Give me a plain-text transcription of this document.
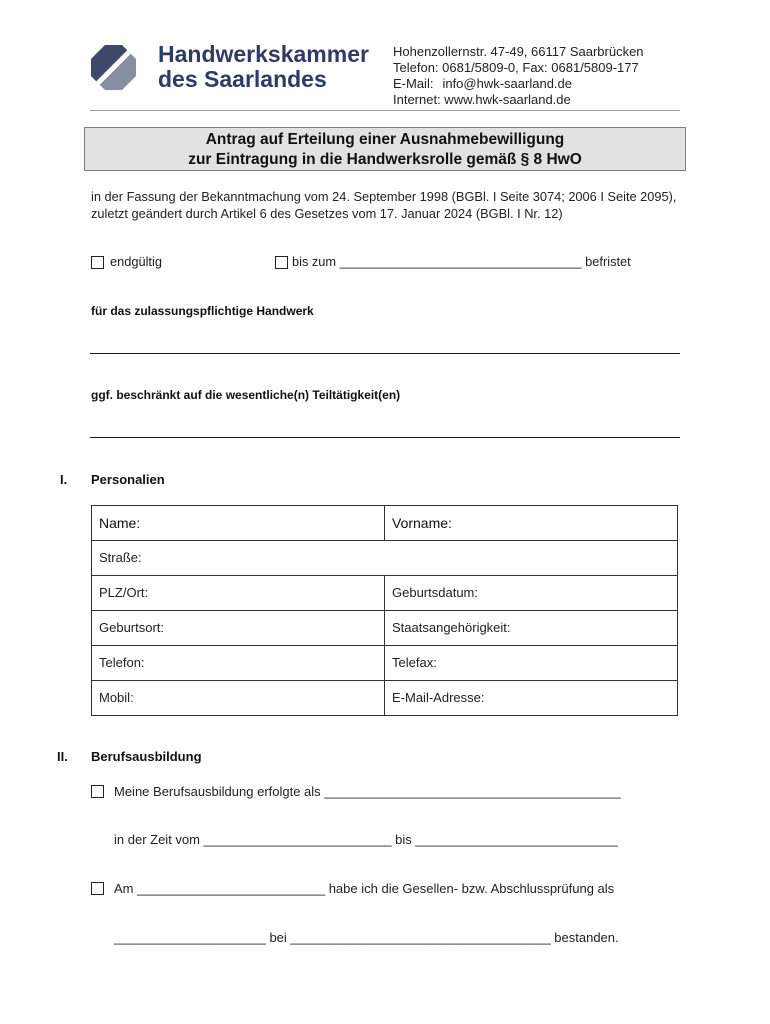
Handwerkskammer
des Saarlandes
Hohenzollernstr. 47-49, 66117 Saarbrücken
Telefon: 0681/5809-0, Fax: 0681/5809-177
E-Mail: info@hwk-saarland.de
Internet: www.hwk-saarland.de
Antrag auf Erteilung einer Ausnahmebewilligung
zur Eintragung in die Handwerksrolle gemäß § 8 HwO
in der Fassung der Bekanntmachung vom 24. September 1998 (BGBl. I Seite 3074; 2006 I Seite 2095),
zuletzt geändert durch Artikel 6 des Gesetzes vom 17. Januar 2024 (BGBl. I Nr. 12)
endgültig	bis zum __________________________________ befristet
für das zulassungspflichtige Handwerk
ggf. beschränkt auf die wesentliche(n) Teiltätigkeit(en)
I. Personalien
Name:	Vorname:
Straße:
PLZ/Ort:	Geburtsdatum:
Geburtsort:	Staatsangehörigkeit:
Telefon:	Telefax:
Mobil:	E-Mail-Adresse:
II. Berufsausbildung
Meine Berufsausbildung erfolgte als _________________________________________
in der Zeit vom __________________________ bis ____________________________
Am __________________________ habe ich die Gesellen- bzw. Abschlussprüfung als
_____________________ bei ____________________________________ bestanden.
